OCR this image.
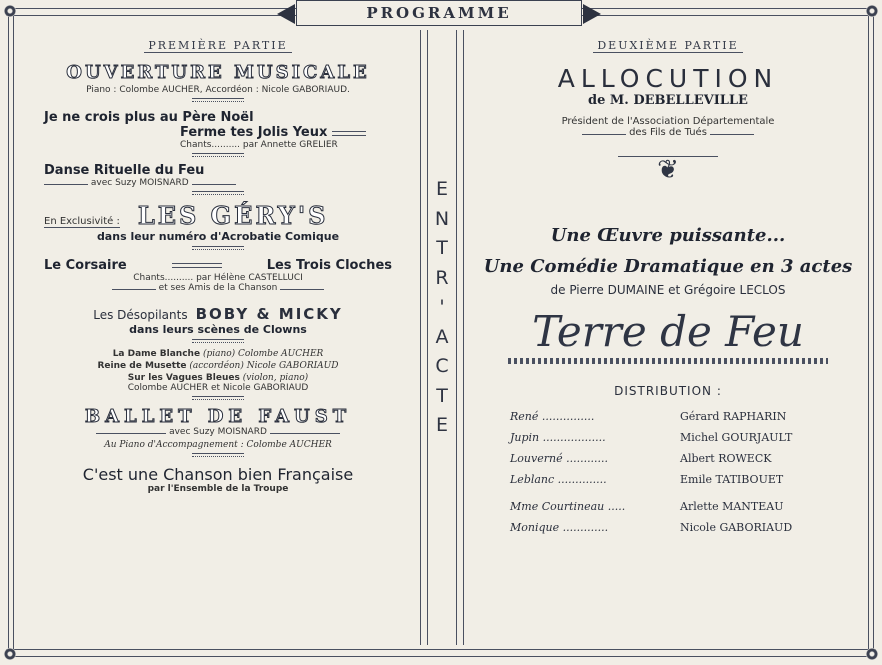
PROGRAMME
PREMIÈRE PARTIE
OUVERTURE MUSICALE
Piano : Colombe AUCHER, Accordéon : Nicole GABORIAUD.
Je ne crois plus au Père Noël
Ferme tes Jolis Yeux
Chants.......... par Annette GRELIER
Danse Rituelle du Feu
avec Suzy MOISNARD
En Exclusivité : LES GÉRY'S
dans leur numéro d'Acrobatie Comique
Le Corsaire	Les Trois Cloches
Chants.......... par Hélène CASTELLUCI
et ses Amis de la Chanson
Les Désopilants BOBY & MICKY
dans leurs scènes de Clowns
La Dame Blanche (piano) Colombe AUCHER
Reine de Musette (accordéon) Nicole GABORIAUD
Sur les Vagues Bleues (violon, piano)
Colombe AUCHER et Nicole GABORIAUD
BALLET DE FAUST
avec Suzy MOISNARD
Au Piano d'Accompagnement : Colombe AUCHER
C'est une Chanson bien Française
par l'Ensemble de la Troupe
E
N
T
R
'
A
C
T
E
DEUXIÈME PARTIE
ALLOCUTION
de M. DEBELLEVILLE
Président de l'Association Départementale
des Fils de Tués
❦
Une Œuvre puissante...
Une Comédie Dramatique en 3 actes
de Pierre DUMAINE et Grégoire LECLOS
Terre de Feu
DISTRIBUTION :
René ...............	Gérard RAPHARIN
Jupin ..................	Michel GOURJAULT
Louverné ............	Albert ROWECK
Leblanc ..............	Emile TATIBOUET
Mme Courtineau .....	Arlette MANTEAU
Monique .............	Nicole GABORIAUD
